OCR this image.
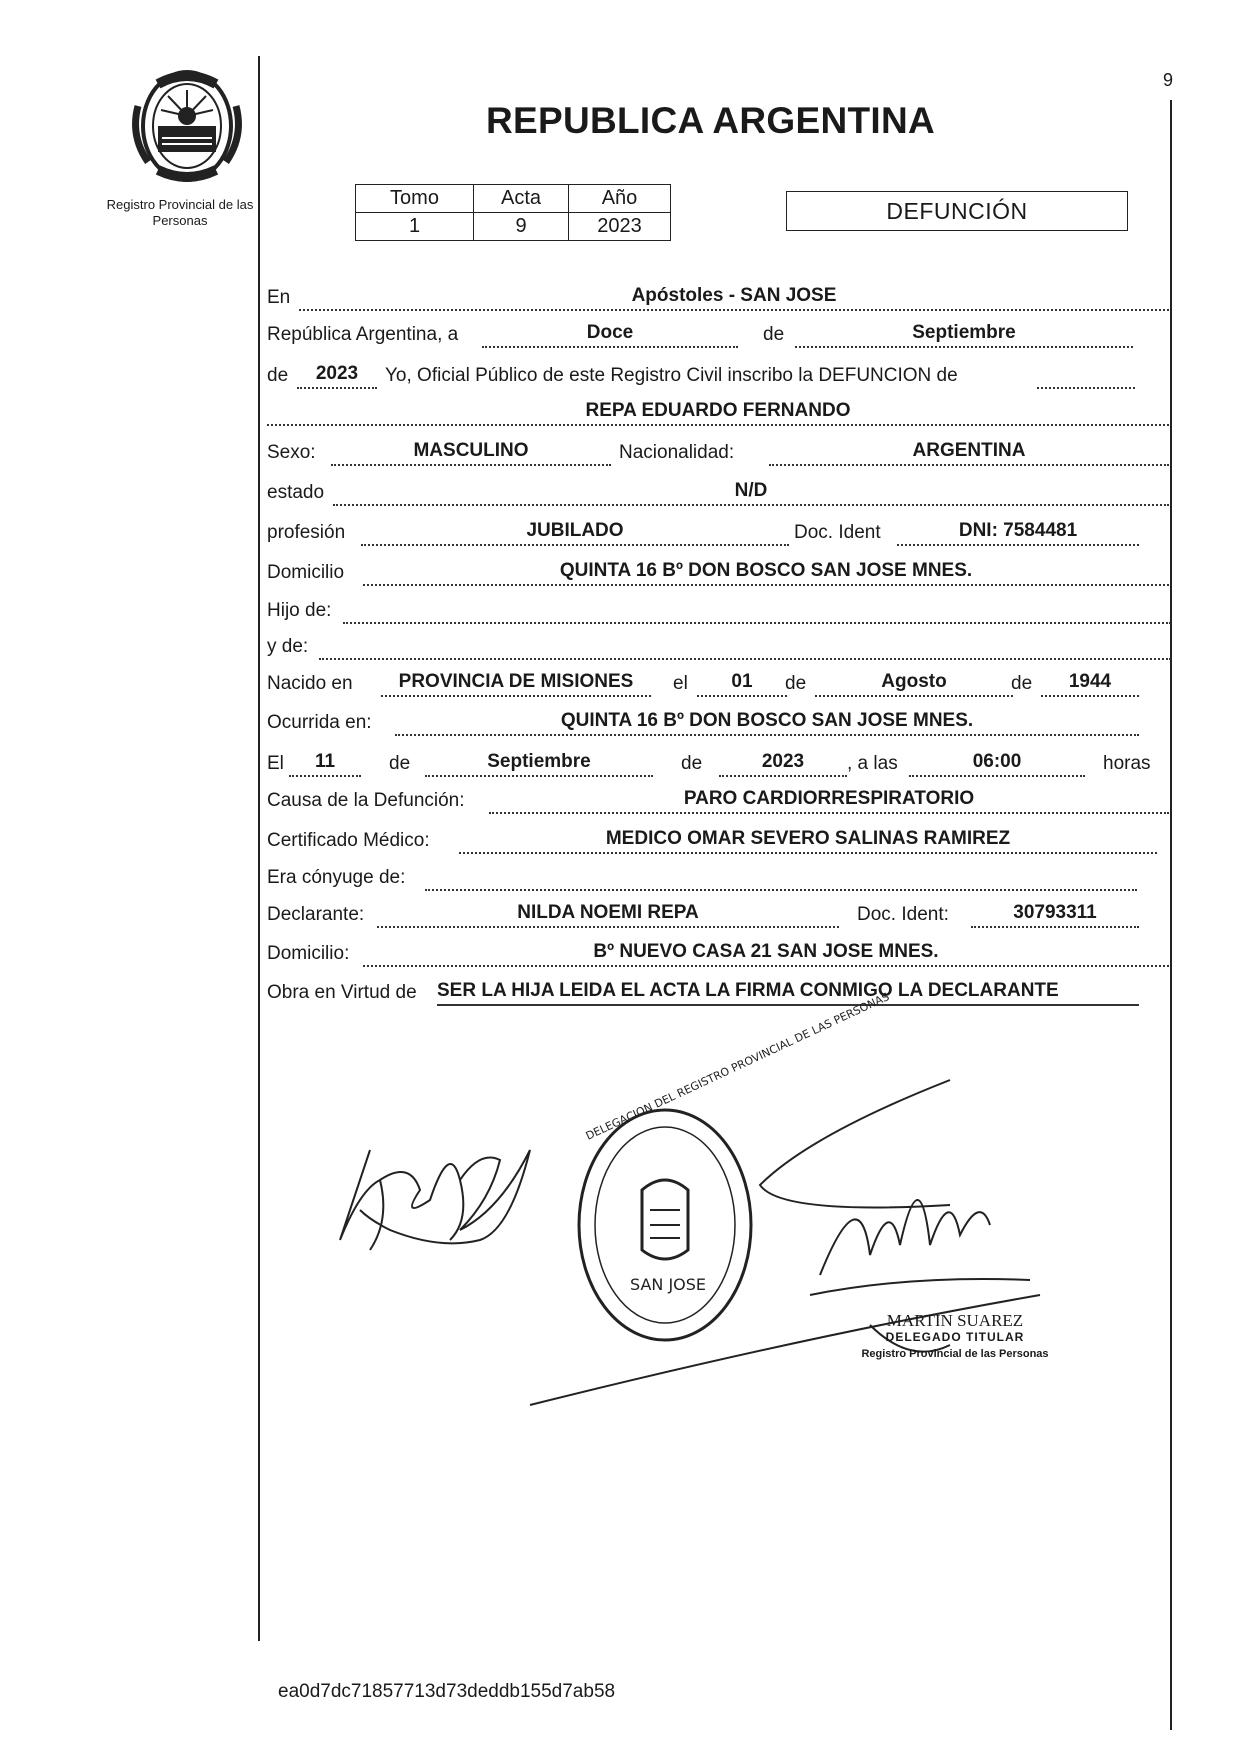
9
Registro Provincial de las Personas
REPUBLICA ARGENTINA
Tomo	Acta	Año
1	9	2023
DEFUNCIÓN
En	Apóstoles - SAN JOSE
República Argentina, a	Doce	de	Septiembre
de	2023	Yo, Oficial Público de este Registro Civil inscribo la DEFUNCION de
REPA EDUARDO FERNANDO
Sexo:	MASCULINO	Nacionalidad:	ARGENTINA
estado	N/D
profesión	JUBILADO	Doc. Ident	DNI: 7584481
Domicilio	QUINTA 16 Bº DON BOSCO SAN JOSE MNES.
Hijo de:
y de:
Nacido en	PROVINCIA DE MISIONES	el	01	de	Agosto	de	1944
Ocurrida en:	QUINTA 16 Bº DON BOSCO SAN JOSE MNES.
El	11	de	Septiembre	de	2023	, a las	06:00	horas
Causa de la Defunción:	PARO CARDIORRESPIRATORIO
Certificado Médico:	MEDICO OMAR SEVERO SALINAS RAMIREZ
Era cónyuge de:
Declarante:	NILDA NOEMI REPA	Doc. Ident:	30793311
Domicilio:	Bº NUEVO CASA 21 SAN JOSE MNES.
Obra en Virtud de SER LA HIJA LEIDA EL ACTA LA FIRMA CONMIGO LA DECLARANTE
SAN JOSE
DELEGACION DEL REGISTRO PROVINCIAL DE LAS PERSONAS
MARTIN SUAREZ
DELEGADO TITULAR
Registro Provincial de las Personas
ea0d7dc71857713d73deddb155d7ab58
